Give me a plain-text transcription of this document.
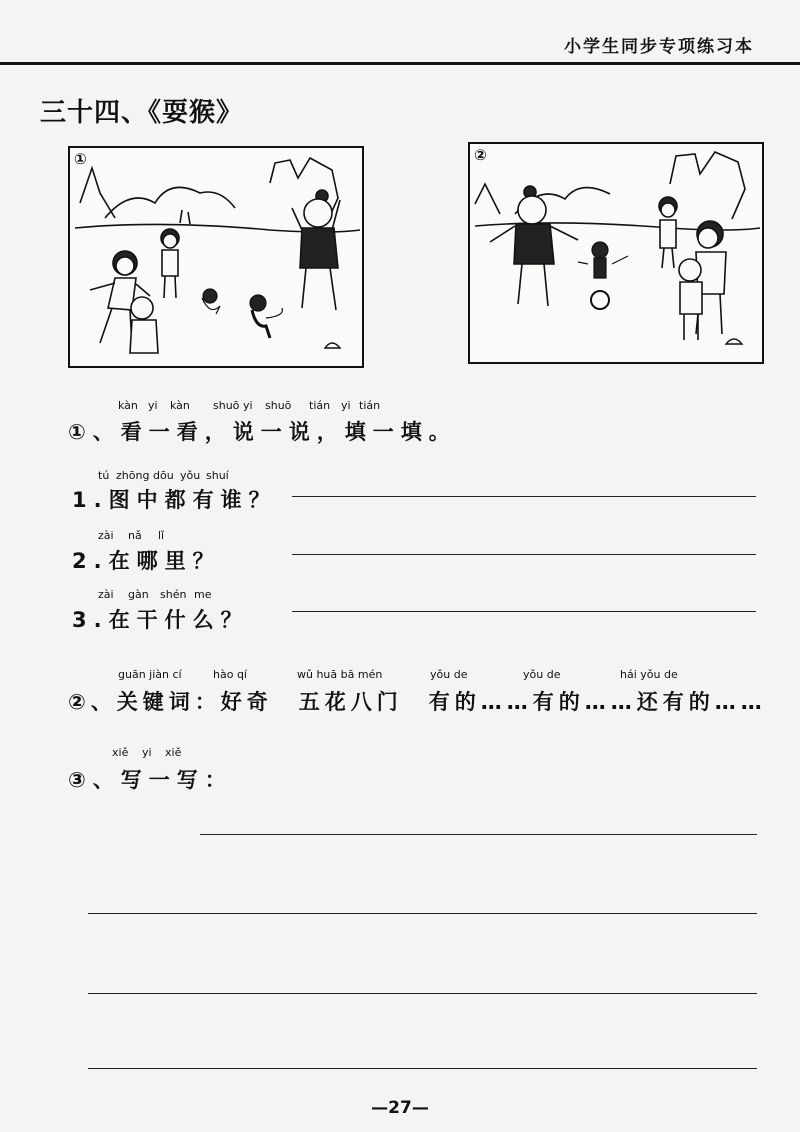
小学生同步专项练习本
三十四、《耍猴》
①	②
kàn yi kàn shuō yi shuō tián yi tián
①、看一看，说一说，填一填。
tú zhōng dōu yǒu shuí
1.图中都有谁？
zài nǎ lǐ
2.在哪里？
zài gàn shén me
3.在干什么？
guān jiàn cí	hào qí	wǔ huā bā mén	yǒu de	yǒu de	hái yǒu de
②、关键词：好奇　五花八门　有的……有的……还有的……
xiě yi xiě
③、写一写：
—27—
